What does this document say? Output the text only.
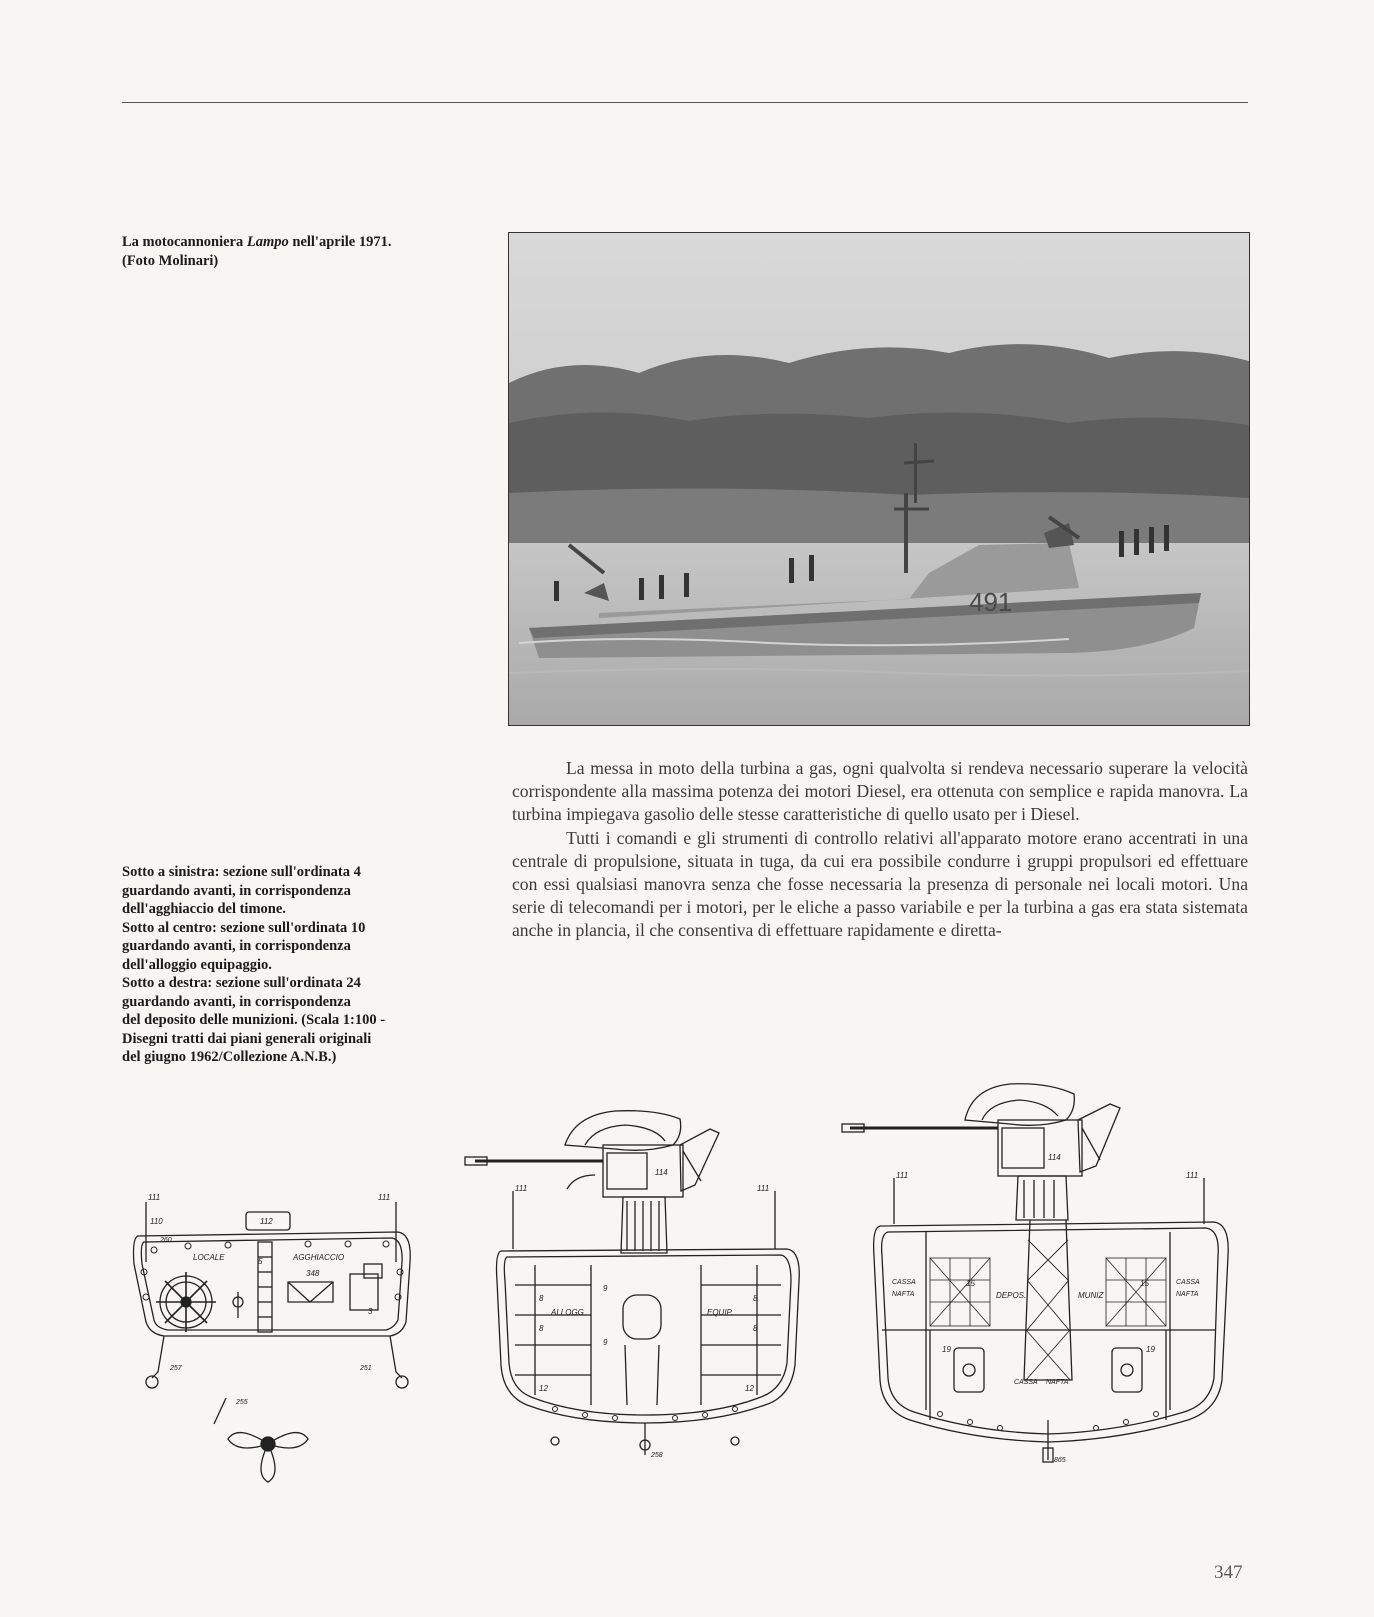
La motocannoniera Lampo nell'aprile 1971.
(Foto Molinari)
491
Sotto a sinistra: sezione sull'ordinata 4
guardando avanti, in corrispondenza
dell'agghiaccio del timone.
Sotto al centro: sezione sull'ordinata 10
guardando avanti, in corrispondenza
dell'alloggio equipaggio.
Sotto a destra: sezione sull'ordinata 24
guardando avanti, in corrispondenza
del deposito delle munizioni. (Scala 1:100 -
Disegni tratti dai piani generali originali
del giugno 1962/Collezione A.N.B.)

La messa in moto della turbina a gas, ogni qualvolta si rendeva necessario superare la velocità corrispondente alla massima potenza dei motori Diesel, era ottenuta con semplice e rapida manovra. La turbina impiegava gasolio delle stesse caratteristiche di quello usato per i Diesel.

Tutti i comandi e gli strumenti di controllo relativi all'apparato motore erano accentrati in una centrale di propulsione, situata in tuga, da cui era possibile condurre i gruppi propulsori ed effettuare con essi qualsiasi manovra senza che fosse necessaria la presenza di personale nei locali motori. Una serie di telecomandi per i motori, per le eliche a passo variabile e per la turbina a gas era stata sistemata anche in plancia, il che consentiva di effettuare rapidamente e diretta-

111	111
112
110
LOCALE	AGGHIACCIO
5
348
3
260
257	251
255
114
111	111
8
8
8
8
9
9
ALLOGG	EQUIP.
12	12
258
114
111	111
CASSA
NAFTA
CASSA
NAFTA
DEPOS.	MUNIZ
CASSA NAFTA
15	15
19	19
865
347
